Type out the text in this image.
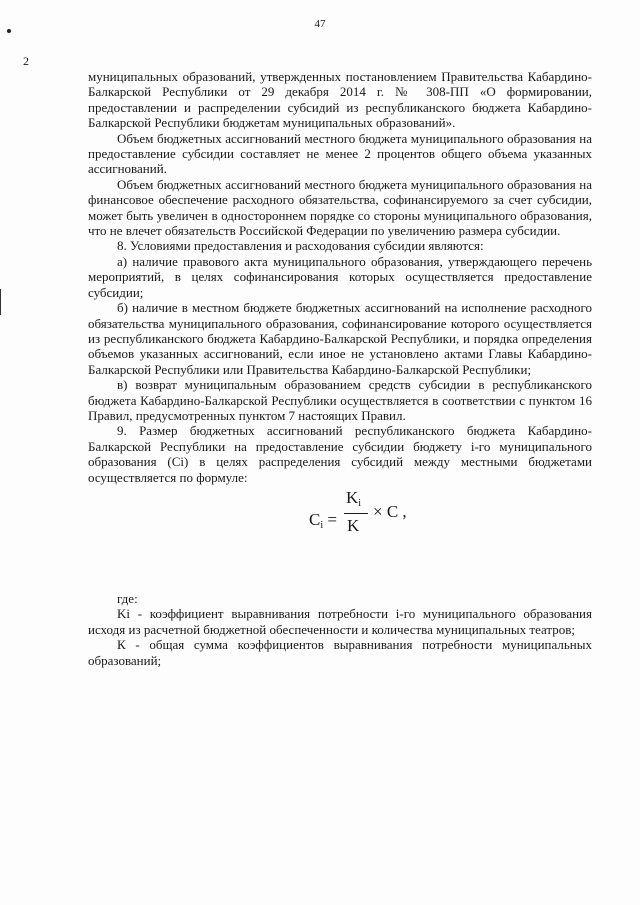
47
2

муниципальных образований, утвержденных постановлением Правительства Кабардино-Балкарской Республики от 29 декабря 2014 г. № 308-ПП «О формировании, предоставлении и распределении субсидий из республиканского бюджета Кабардино-Балкарской Республики бюджетам муниципальных образований».

Объем бюджетных ассигнований местного бюджета муниципального образования на предоставление субсидии составляет не менее 2 процентов общего объема указанных ассигнований.

Объем бюджетных ассигнований местного бюджета муниципального образования на финансовое обеспечение расходного обязательства, софинансируемого за счет субсидии, может быть увеличен в одностороннем порядке со стороны муниципального образования, что не влечет обязательств Российской Федерации по увеличению размера субсидии.

8. Условиями предоставления и расходования субсидии являются:

а) наличие правового акта муниципального образования, утверждающего перечень мероприятий, в целях софинансирования которых осуществляется предоставление субсидии;

б) наличие в местном бюджете бюджетных ассигнований на исполнение расходного обязательства муниципального образования, софинансирование которого осуществляется из республиканского бюджета Кабардино-Балкарской Республики, и порядка определения объемов указанных ассигнований, если иное не установлено актами Главы Кабардино-Балкарской Республики или Правительства Кабардино-Балкарской Республики;

в) возврат муниципальным образованием средств субсидии в республиканского бюджета Кабардино-Балкарской Республики осуществляется в соответствии с пунктом 16 Правил, предусмотренных пунктом 7 настоящих Правил.

9. Размер бюджетных ассигнований республиканского бюджета Кабардино-Балкарской Республики на предоставление субсидии бюджету i-го муниципального образования (Ci) в целях распределения субсидий между местными бюджетами осуществляется по формуле:

$C_i$ =
$K_i$
K
× C ,

где:

Ki - коэффициент выравнивания потребности i-го муниципального образования исходя из расчетной бюджетной обеспеченности и количества муниципальных театров;

К - общая сумма коэффициентов выравнивания потребности муниципальных образований;
